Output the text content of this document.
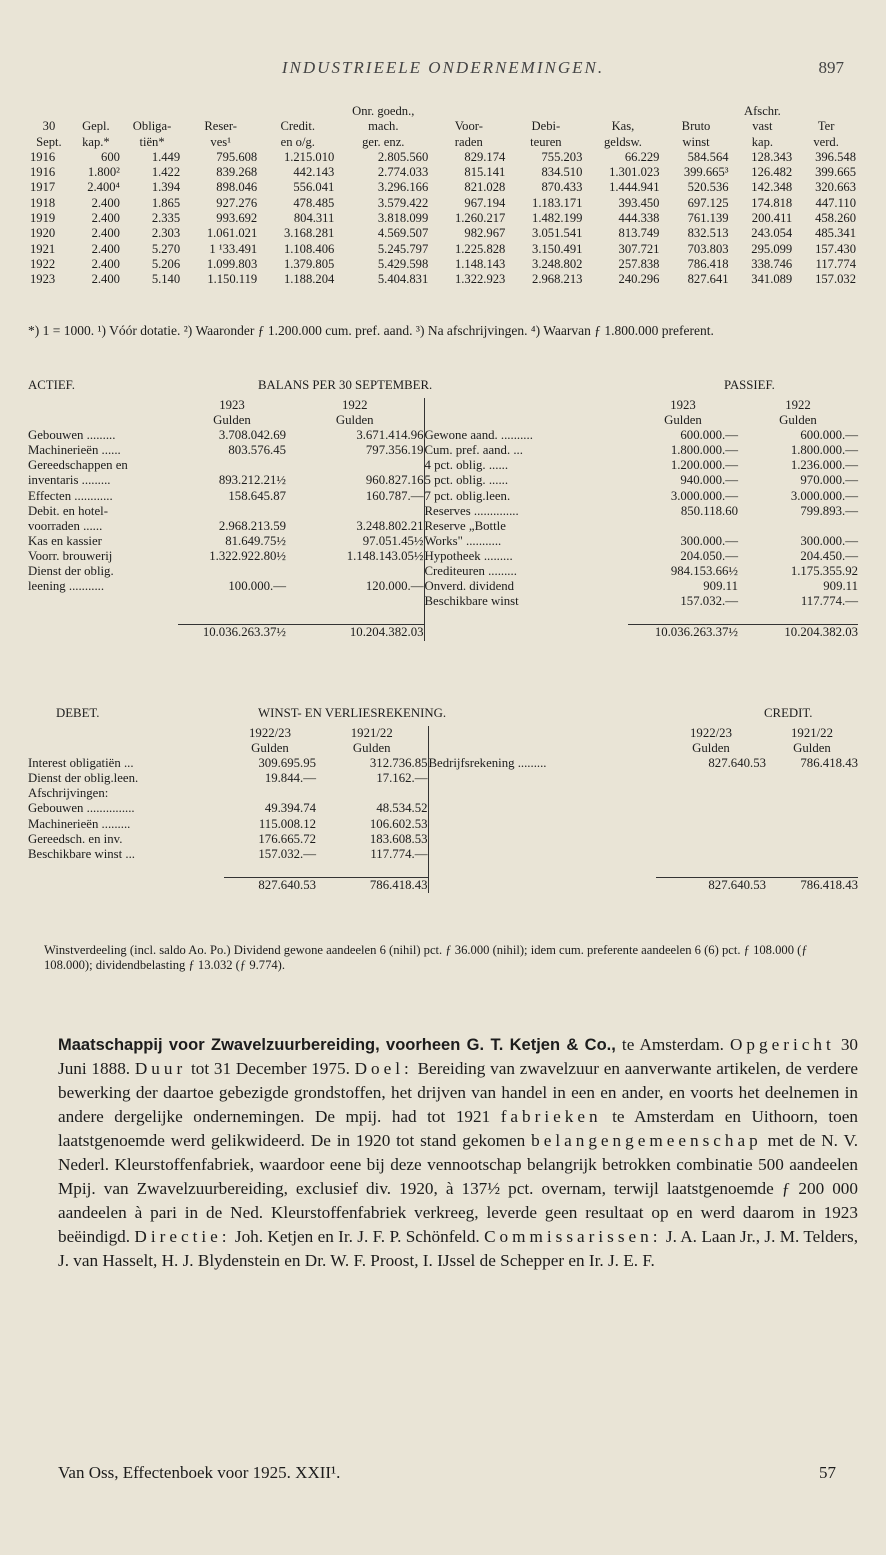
INDUSTRIEELE ONDERNEMINGEN.	897
					Onr. goedn.,					Afschr.	
30	Gepl.	Obliga-	Reser-	Credit.	mach.	Voor-	Debi-	Kas,	Bruto	vast	Ter
Sept.	kap.*	tiën*	ves¹	en o/g.	ger. enz.	raden	teuren	geldsw.	winst	kap.	verd.
1916	600	1.449	795.608	1.215.010	2.805.560	829.174	755.203	66.229	584.564	128.343	396.548
1916	1.800²	1.422	839.268	442.143	2.774.033	815.141	834.510	1.301.023	399.665³	126.482	399.665
1917	2.400⁴	1.394	898.046	556.041	3.296.166	821.028	870.433	1.444.941	520.536	142.348	320.663
1918	2.400	1.865	927.276	478.485	3.579.422	967.194	1.183.171	393.450	697.125	174.818	447.110
1919	2.400	2.335	993.692	804.311	3.818.099	1.260.217	1.482.199	444.338	761.139	200.411	458.260
1920	2.400	2.303	1.061.021	3.168.281	4.569.507	982.967	3.051.541	813.749	832.513	243.054	485.341
1921	2.400	5.270	1 ¹33.491	1.108.406	5.245.797	1.225.828	3.150.491	307.721	703.803	295.099	157.430
1922	2.400	5.206	1.099.803	1.379.805	5.429.598	1.148.143	3.248.802	257.838	786.418	338.746	117.774
1923	2.400	5.140	1.150.119	1.188.204	5.404.831	1.322.923	2.968.213	240.296	827.641	341.089	157.032
*) 1 = 1000. ¹) Vóór dotatie. ²) Waaronder ƒ 1.200.000 cum. pref. aand. ³) Na afschrijvingen. ⁴) Waarvan ƒ 1.800.000 preferent.
ACTIEF.	BALANS PER 30 SEPTEMBER.	PASSIEF.
	1923	1922		1923	1922
	Gulden	Gulden		Gulden	Gulden
Gebouwen .........	3.708.042.69	3.671.414.96	Gewone aand. ..........	600.000.—	600.000.—
Machinerieën ......	803.576.45	797.356.19	Cum. pref. aand. ...	1.800.000.—	1.800.000.—
Gereedschappen en			4 pct. oblig. ......	1.200.000.—	1.236.000.—
inventaris .........	893.212.21½	960.827.16	5 pct. oblig. ......	940.000.—	970.000.—
Effecten ............	158.645.87	160.787.—	7 pct. oblig.leen.	3.000.000.—	3.000.000.—
Debit. en hotel-			Reserves ..............	850.118.60	799.893.—
voorraden ......	2.968.213.59	3.248.802.21	Reserve „Bottle		
Kas en kassier	81.649.75½	97.051.45½	Works" ...........	300.000.—	300.000.—
Voorr. brouwerij	1.322.922.80½	1.148.143.05½	Hypotheek .........	204.050.—	204.450.—
Dienst der oblig.			Crediteuren .........	984.153.66½	1.175.355.92
leening ...........	100.000.—	120.000.—	Onverd. dividend	909.11	909.11
			Beschikbare winst	157.032.—	117.774.—

	10.036.263.37½	10.204.382.03		10.036.263.37½	10.204.382.03
DEBET.	WINST- EN VERLIESREKENING.	CREDIT.
	1922/23	1921/22		1922/23	1921/22
	Gulden	Gulden		Gulden	Gulden
Interest obligatiën ...	309.695.95	312.736.85	Bedrijfsrekening .........	827.640.53	786.418.43
Dienst der oblig.leen.	19.844.—	17.162.—			
Afschrijvingen:					
Gebouwen ...............	49.394.74	48.534.52			
Machinerieën .........	115.008.12	106.602.53			
Gereedsch. en inv.	176.665.72	183.608.53			
Beschikbare winst ...	157.032.—	117.774.—			

	827.640.53	786.418.43		827.640.53	786.418.43
Winstverdeeling (incl. saldo Ao. Po.) Dividend gewone aandeelen 6 (nihil) pct. ƒ 36.000 (nihil); idem cum. preferente aandeelen 6 (6) pct. ƒ 108.000 (ƒ 108.000); dividendbelasting ƒ 13.032 (ƒ 9.774).
Maatschappij voor Zwavelzuurbereiding, voorheen G. T. Ketjen & Co., te Amsterdam. Opgericht 30 Juni 1888. Duur tot 31 December 1975. Doel: Bereiding van zwavelzuur en aanverwante artikelen, de verdere bewerking der daartoe gebezigde grondstoffen, het drijven van handel in een en ander, en voorts het deelnemen in andere dergelijke ondernemingen. De mpij. had tot 1921 fabrieken te Amsterdam en Uithoorn, toen laatstgenoemde werd gelikwideerd. De in 1920 tot stand gekomen belangengemeenschap met de N. V. Nederl. Kleurstoffenfabriek, waardoor eene bij deze vennootschap belangrijk betrokken combinatie 500 aandeelen Mpij. van Zwavelzuurbereiding, exclusief div. 1920, à 137½ pct. overnam, terwijl laatstgenoemde ƒ 200 000 aandeelen à pari in de Ned. Kleurstoffenfabriek verkreeg, leverde geen resultaat op en werd daarom in 1923 beëindigd. Directie: Joh. Ketjen en Ir. J. F. P. Schönfeld. Commissarissen: J. A. Laan Jr., J. M. Telders, J. van Hasselt, H. J. Blydenstein en Dr. W. F. Proost, I. IJssel de Schepper en Ir. J. E. F.
Van Oss, Effectenboek voor 1925. XXII¹.	57
